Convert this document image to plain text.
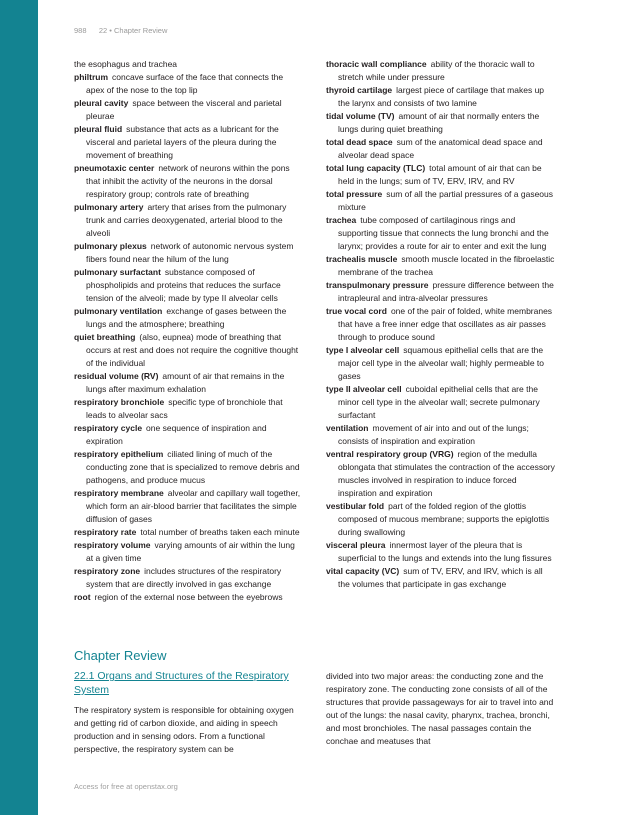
988 22 • Chapter Review

the esophagus and trachea

philtrum concave surface of the face that connects the apex of the nose to the top lip

pleural cavity space between the visceral and parietal pleurae

pleural fluid substance that acts as a lubricant for the visceral and parietal layers of the pleura during the movement of breathing

pneumotaxic center network of neurons within the pons that inhibit the activity of the neurons in the dorsal respiratory group; controls rate of breathing

pulmonary artery artery that arises from the pulmonary trunk and carries deoxygenated, arterial blood to the alveoli

pulmonary plexus network of autonomic nervous system fibers found near the hilum of the lung

pulmonary surfactant substance composed of phospholipids and proteins that reduces the surface tension of the alveoli; made by type II alveolar cells

pulmonary ventilation exchange of gases between the lungs and the atmosphere; breathing

quiet breathing (also, eupnea) mode of breathing that occurs at rest and does not require the cognitive thought of the individual

residual volume (RV) amount of air that remains in the lungs after maximum exhalation

respiratory bronchiole specific type of bronchiole that leads to alveolar sacs

respiratory cycle one sequence of inspiration and expiration

respiratory epithelium ciliated lining of much of the conducting zone that is specialized to remove debris and pathogens, and produce mucus

respiratory membrane alveolar and capillary wall together, which form an air-blood barrier that facilitates the simple diffusion of gases

respiratory rate total number of breaths taken each minute

respiratory volume varying amounts of air within the lung at a given time

respiratory zone includes structures of the respiratory system that are directly involved in gas exchange

root region of the external nose between the eyebrows

thoracic wall compliance ability of the thoracic wall to stretch while under pressure

thyroid cartilage largest piece of cartilage that makes up the larynx and consists of two lamine

tidal volume (TV) amount of air that normally enters the lungs during quiet breathing

total dead space sum of the anatomical dead space and alveolar dead space

total lung capacity (TLC) total amount of air that can be held in the lungs; sum of TV, ERV, IRV, and RV

total pressure sum of all the partial pressures of a gaseous mixture

trachea tube composed of cartilaginous rings and supporting tissue that connects the lung bronchi and the larynx; provides a route for air to enter and exit the lung

trachealis muscle smooth muscle located in the fibroelastic membrane of the trachea

transpulmonary pressure pressure difference between the intrapleural and intra-alveolar pressures

true vocal cord one of the pair of folded, white membranes that have a free inner edge that oscillates as air passes through to produce sound

type I alveolar cell squamous epithelial cells that are the major cell type in the alveolar wall; highly permeable to gases

type II alveolar cell cuboidal epithelial cells that are the minor cell type in the alveolar wall; secrete pulmonary surfactant

ventilation movement of air into and out of the lungs; consists of inspiration and expiration

ventral respiratory group (VRG) region of the medulla oblongata that stimulates the contraction of the accessory muscles involved in respiration to induce forced inspiration and expiration

vestibular fold part of the folded region of the glottis composed of mucous membrane; supports the epiglottis during swallowing

visceral pleura innermost layer of the pleura that is superficial to the lungs and extends into the lung fissures

vital capacity (VC) sum of TV, ERV, and IRV, which is all the volumes that participate in gas exchange

Chapter Review
22.1 Organs and Structures of the Respiratory System

The respiratory system is responsible for obtaining oxygen and getting rid of carbon dioxide, and aiding in speech production and in sensing odors. From a functional perspective, the respiratory system can be

divided into two major areas: the conducting zone and the respiratory zone. The conducting zone consists of all of the structures that provide passageways for air to travel into and out of the lungs: the nasal cavity, pharynx, trachea, bronchi, and most bronchioles. The nasal passages contain the conchae and meatuses that

Access for free at openstax.org
